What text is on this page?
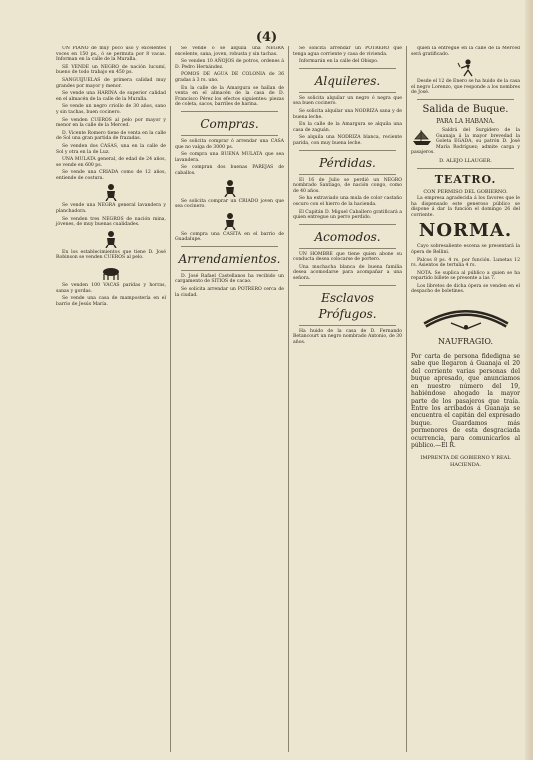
(4)

UN PIANO de muy poco uso y excelentes voces en 150 ps., ó se permuta por 8 vacas. Informan en la calle de la Muralla.

SE VENDE un NEGRO de nación lucumí, bueno de todo trabajo en 450 ps.

SANGUIJUELAS de primera calidad muy grandes por mayor y menor.

Se vende una HARINA de superior calidad en el almacén de la calle de la Muralla.

Se vende un negro criollo de 30 años, sano y sin tachas, buen cocinero.

Se venden CUEROS al pelo por mayor y menor en la calle de la Merced.

D. Vicente Romero tiene de venta en la calle de Sol una gran partida de frazadas.

Se venden dos CASAS, una en la calle de Sol y otra en la de Luz.

UNA MULATA general, de edad de 24 años, se vende en 600 ps.

Se vende una CRIADA como de 12 años, entiende de costura.

Se vende una NEGRA general lavandera y planchadora.

Se venden tres NEGROS de nación mina, jóvenes, de muy buenas cualidades.

En los establecimientos que tiene D. José Robinson se venden CUEROS al pelo.

Se venden 100 VACAS paridas y horras, sanas y gordas.

Se vende una casa de mampostería en el barrio de Jesús María.

Se vende ó se alquila una NEGRA excelente, sana, joven, robusta y sin tachas.

Se venden 10 AÑOJOS de potros, ordenes á D. Pedro Hernández.

POMOS DE AGUA DE COLONIA de 36 gradas á 3 rs. uno.

En la calle de la Amargura se hallan de venta en el almacén de la casa de D. Francisco Pérez los efectos siguientes: piezas de coleta, sacos, barriles de harina.

Compras.

Se solicita comprar ó arrendar una CASA que no valga de 3000 ps.

Se compra una BUENA MULATA que sea lavandera.

Se compran dos buenas PAREJAS de caballos.

Se solicita comprar un CRIADO joven que sea cocinero.

Se compra una CASITA en el barrio de Guadalupe.

Arrendamientos.

D. José Rafael Castellanos ha recibido un cargamento de SITIOS de cacao.

Se solicita arrendar un POTRERO cerca de la ciudad.

Se solicita arrendar un POTRERO que tenga agua corriente y casa de vivienda.

Informarán en la calle del Obispo.

Alquileres.

Se solicita alquilar un negro ó negra que sea buen cocinero.

Se solicita alquilar una NODRIZA sana y de buena leche.

En la calle de la Amargura se alquila una casa de zaguán.

Se alquila una NODRIZA blanca, reciente parida, con muy buena leche.

Pérdidas.

El 16 de Julio se perdió un NEGRO nombrado Santiago, de nación congo, como de 40 años.

Se ha extraviado una mula de color castaño oscuro con el hierro de la hacienda.

El Capitán D. Miguel Caballero gratificará a quien entregue un perro perdido.

Acomodos.

UN HOMBRE que tiene quien abone su conducta desea colocarse de portero.

Una muchacha blanca de buena familia desea acomodarse para acompañar a una señora.

Esclavos Prófugos.

Ha huido de la casa de D. Fernando Betancourt un negro nombrado Antonio, de 30 años.

quien la entregue en la calle de la Merced será gratificado.

Desde el 12 de Enero se ha huido de la casa el negro Lorenzo, que responde a los nombres de José.

Salida de Buque.
PARA LA HABANA.

Saldrá del Surgidero de la Guanaja á la mayor brevedad la Goleta EGADA, su patrón D. José María Rodríguez; admite carga y pasajeros.

D. ALEJO LLAUGER.
TEATRO.
CON PERMISO DEL GOBIERNO.

La empresa agradecida á los favores que le ha dispensado este generoso público se dispone á dar la función el domingo 26 del corriente.

NORMA.

Cayo sobresaliente escena se presentará la ópera de Bellini.

Palcos 8 ps. 4 rs. por función. Lunetas 12 rs. Asientos de tertulia 4 rs.

NOTA. Se suplica al público a quien se ha repartido billete se presente a las 7.

Los libretos de dicha ópera se venden en el despacho de boletines.

NAUFRAGIO.

Por carta de persona fidedigna se sabe que llegaron á Guanaja el 20 del corriente varias personas del buque apresado, que anunciamos en nuestro número del 19, habiéndose ahogado la mayor parte de los pasajeros que traía. Entre los arribados á Guanaja se encuentra el capitán del expresado buque. Guardamos más pormenores de esta desgraciada ocurrencia, para comunicarlos al público.—El R.

IMPRENTA DE GOBIERNO Y REAL HACIENDA.
